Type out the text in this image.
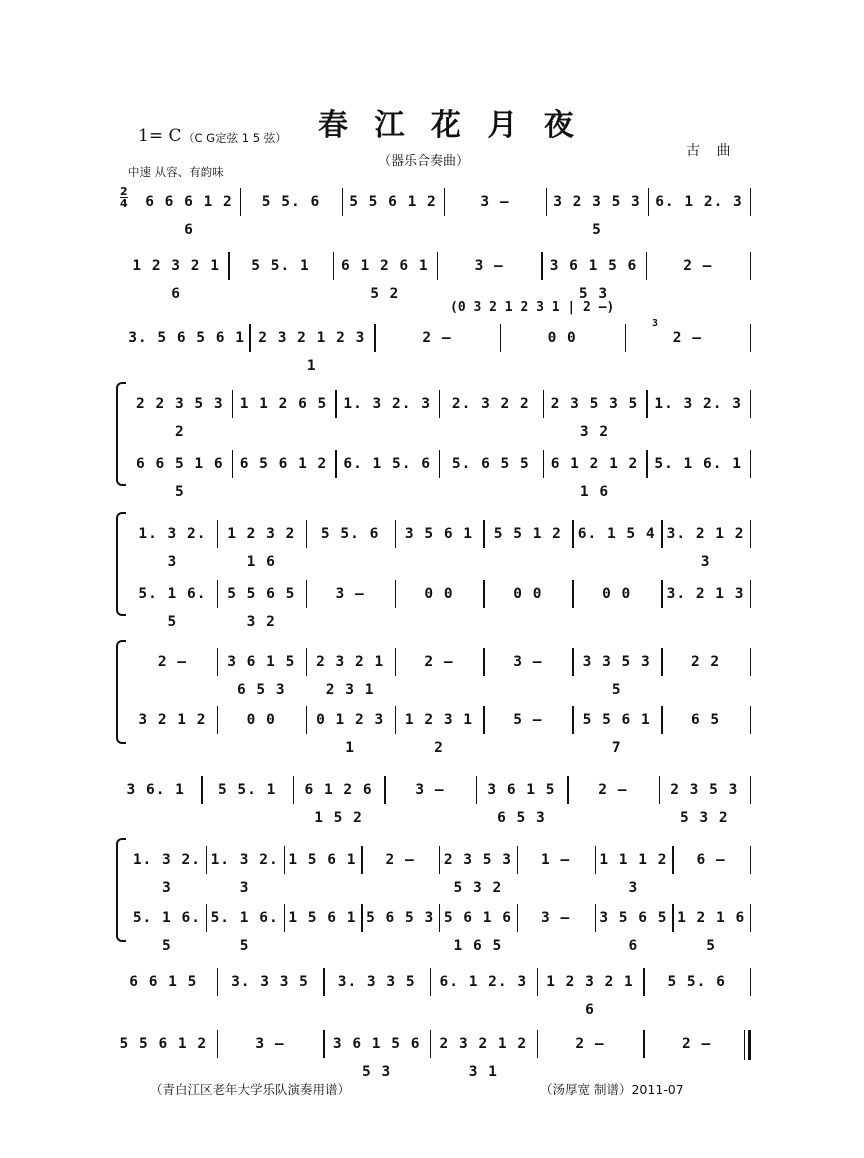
春 江 花 月 夜
（器乐合奏曲）
1= C （C G定弦 1 5 弦）
古 曲
中速 从容、有韵味
2
4
(0 3 2 1 2 3 1 | 2 –)
3
6 6 6 1 2 6
5 5. 6	5 5 6 1 2	3 –	3 2 3 5 3 5
6. 1 2. 3
1 2 3 2 1 6
5 5. 1	6 1 2 6 1 5 2
3 –	3 6 1 5 6 5 3
2 –
3. 5 6 5 6 1 2 3 2 1 2 3 1
2 –	0 0	2 –
2 2 3 5 3 2
1 1 2 6 5	1. 3 2. 3	2. 3 2 2	2 3 5 3 5 3 2
1. 3 2. 3
6 6 5 1 6 5
6 5 6 1 2	6. 1 5. 6	5. 6 5 5	6 1 2 1 2 1 6
5. 1 6. 1
1. 3 2. 3
1 2 3 2 1 6
5 5. 6	3 5 6 1	5 5 1 2	6. 1 5 4 3. 2 1 2 3
5. 1 6. 5
5 5 6 5 3 2
3 –	0 0	0 0	0 0	3. 2 1 3
2 –	3 6 1 5 6 5 3
2 3 2 1 2 3 1
2 –	3 –	3 3 5 3 5
2 2
3 2 1 2	0 0	0 1 2 3 1
1 2 3 1 2
5 –	5 5 6 1 7
6 5
3 6. 1	5 5. 1	6 1 2 6 1 5 2
3 –	3 6 1 5 6 5 3
2 –	2 3 5 3 5 3 2
1. 3 2. 3
1. 3 2. 3
1 5 6 1	2 –	2 3 5 3 5 3 2
1 –	1 1 1 2 3
6 –
5. 1 6. 5
5. 1 6. 5
1 5 6 1 5 6 5 3 5 6 1 6 1 6 5
3 –	3 5 6 5 6
1 2 1 6 5
6 6 1 5	3. 3 3 5	3. 3 3 5	6. 1 2. 3	1 2 3 2 1 6
5 5. 6
5 5 6 1 2	3 –	3 6 1 5 6 5 3
2 3 2 1 2 3 1
2 –	2 –
（青白江区老年大学乐队演奏用谱）	（汤厚宽 制谱）2011-07
